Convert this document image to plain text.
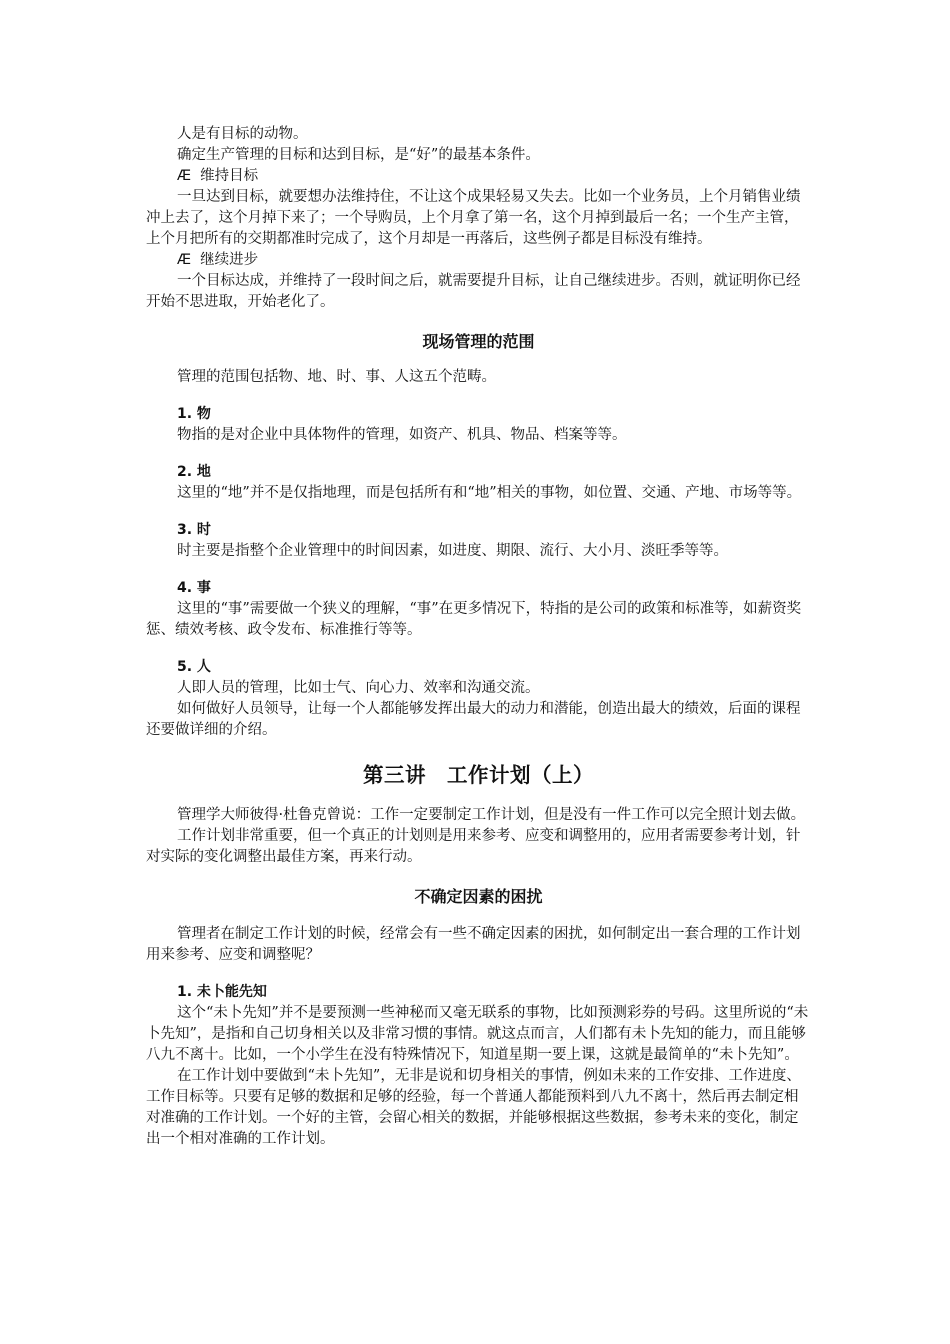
人是有目标的动物。

确定生产管理的目标和达到目标，是“好”的最基本条件。

Æ 维持目标

一旦达到目标，就要想办法维持住，不让这个成果轻易又失去。比如一个业务员，上个月销售业绩冲上去了，这个月掉下来了；一个导购员，上个月拿了第一名，这个月掉到最后一名；一个生产主管，上个月把所有的交期都准时完成了，这个月却是一再落后，这些例子都是目标没有维持。

Æ 继续进步

一个目标达成，并维持了一段时间之后，就需要提升目标，让自己继续进步。否则，就证明你已经开始不思进取，开始老化了。

现场管理的范围

管理的范围包括物、地、时、事、人这五个范畴。

1. 物

物指的是对企业中具体物件的管理，如资产、机具、物品、档案等等。

2. 地

这里的“地”并不是仅指地理，而是包括所有和“地”相关的事物，如位置、交通、产地、市场等等。

3. 时

时主要是指整个企业管理中的时间因素，如进度、期限、流行、大小月、淡旺季等等。

4. 事

这里的“事”需要做一个狭义的理解，“事”在更多情况下，特指的是公司的政策和标准等，如薪资奖惩、绩效考核、政令发布、标准推行等等。

5. 人

人即人员的管理，比如士气、向心力、效率和沟通交流。

如何做好人员领导，让每一个人都能够发挥出最大的动力和潜能，创造出最大的绩效，后面的课程还要做详细的介绍。

第三讲　工作计划（上）

管理学大师彼得·杜鲁克曾说：工作一定要制定工作计划，但是没有一件工作可以完全照计划去做。

工作计划非常重要，但一个真正的计划则是用来参考、应变和调整用的，应用者需要参考计划，针对实际的变化调整出最佳方案，再来行动。

不确定因素的困扰

管理者在制定工作计划的时候，经常会有一些不确定因素的困扰，如何制定出一套合理的工作计划用来参考、应变和调整呢？

1. 未卜能先知

这个“未卜先知”并不是要预测一些神秘而又毫无联系的事物，比如预测彩券的号码。这里所说的“未卜先知”，是指和自己切身相关以及非常习惯的事情。就这点而言，人们都有未卜先知的能力，而且能够八九不离十。比如，一个小学生在没有特殊情况下，知道星期一要上课，这就是最简单的“未卜先知”。

在工作计划中要做到“未卜先知”，无非是说和切身相关的事情，例如未来的工作安排、工作进度、工作目标等。只要有足够的数据和足够的经验，每一个普通人都能预料到八九不离十，然后再去制定相对准确的工作计划。一个好的主管，会留心相关的数据，并能够根据这些数据，参考未来的变化，制定出一个相对准确的工作计划。
